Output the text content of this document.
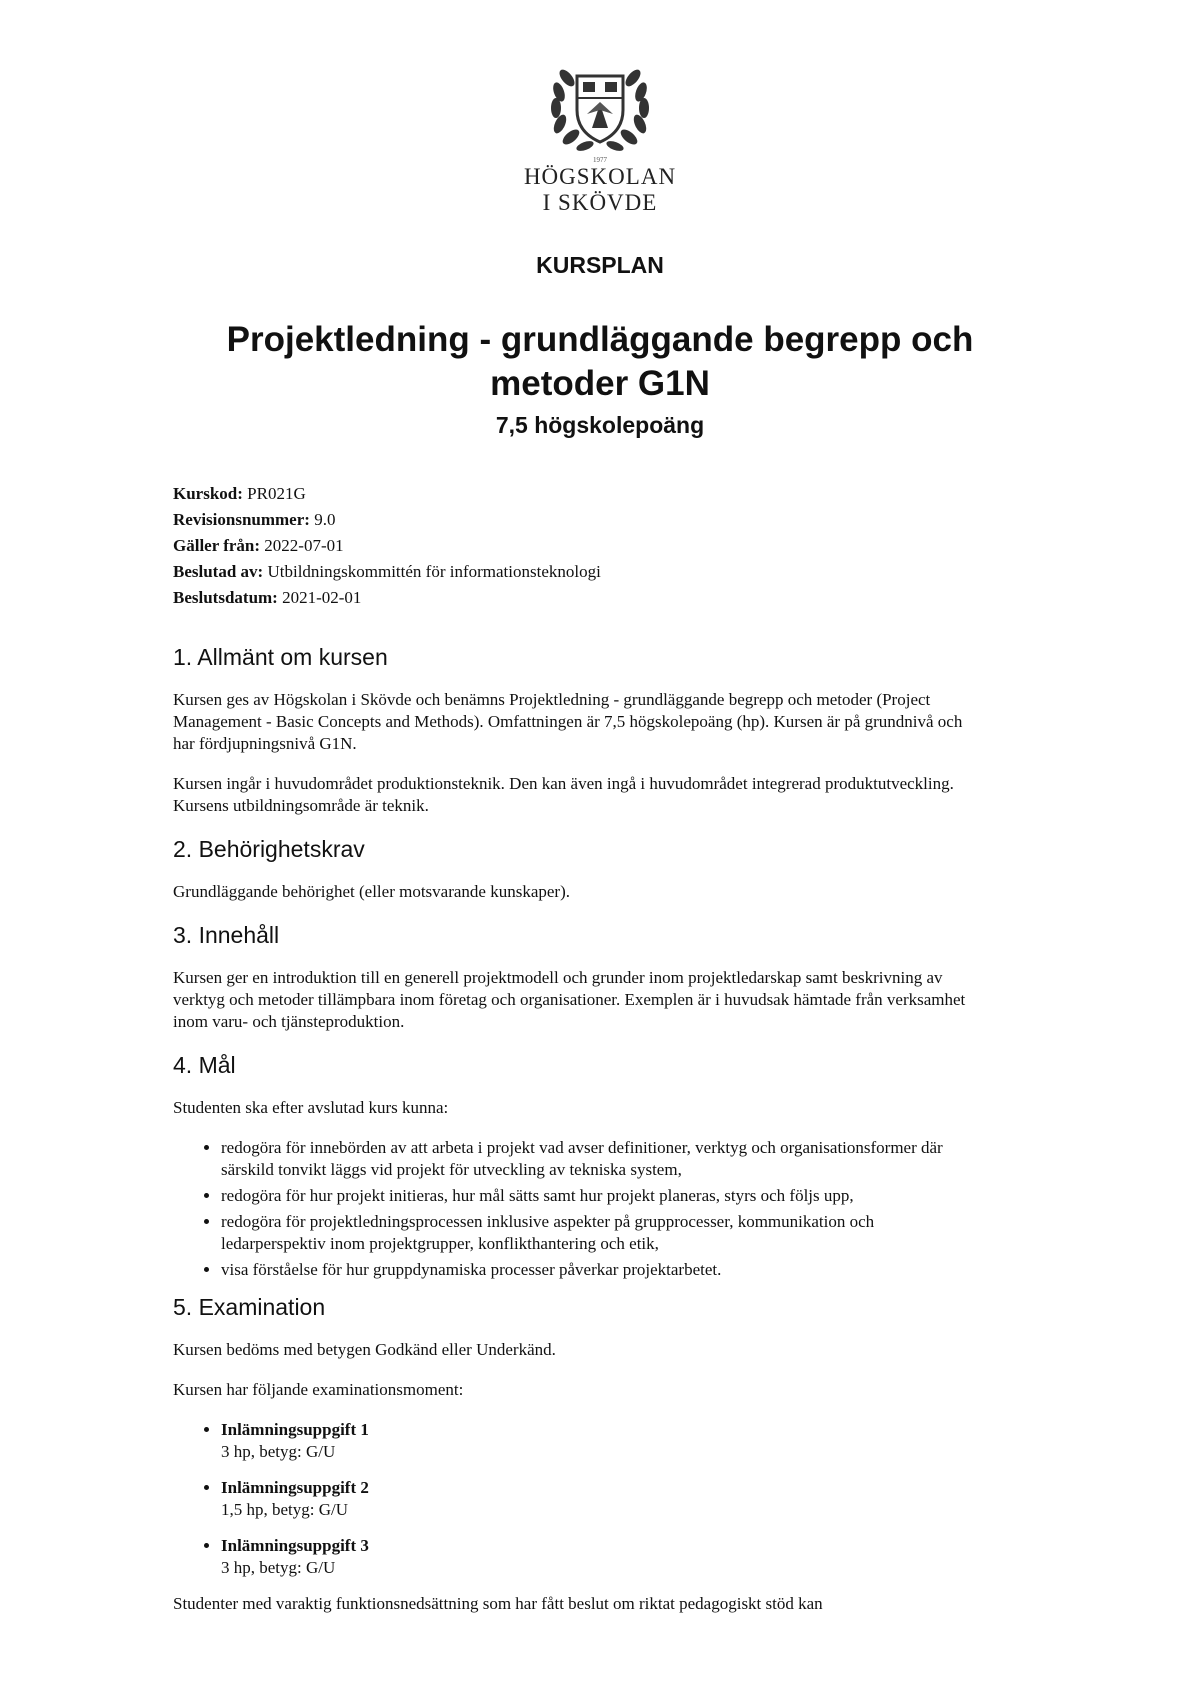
1977
HÖGSKOLAN
I SKÖVDE
KURSPLAN
Projektledning - grundläggande begrepp och metoder G1N
7,5 högskolepoäng
Kurskod: PR021G
Revisionsnummer: 9.0
Gäller från: 2022-07-01
Beslutad av: Utbildningskommittén för informationsteknologi
Beslutsdatum: 2021-02-01
1. Allmänt om kursen

Kursen ges av Högskolan i Skövde och benämns Projektledning - grundläggande begrepp och metoder (Project Management - Basic Concepts and Methods). Omfattningen är 7,5 högskolepoäng (hp). Kursen är på grundnivå och har fördjupningsnivå G1N.

Kursen ingår i huvudområdet produktionsteknik. Den kan även ingå i huvudområdet integrerad produktutveckling. Kursens utbildningsområde är teknik.

2. Behörighetskrav

Grundläggande behörighet (eller motsvarande kunskaper).

3. Innehåll

Kursen ger en introduktion till en generell projektmodell och grunder inom projektledarskap samt beskrivning av verktyg och metoder tillämpbara inom företag och organisationer. Exemplen är i huvudsak hämtade från verksamhet inom varu- och tjänsteproduktion.

4. Mål

Studenten ska efter avslutad kurs kunna:

• redogöra för innebörden av att arbeta i projekt vad avser definitioner, verktyg och organisationsformer där särskild tonvikt läggs vid projekt för utveckling av tekniska system,
• redogöra för hur projekt initieras, hur mål sätts samt hur projekt planeras, styrs och följs upp,
• redogöra för projektledningsprocessen inklusive aspekter på grupprocesser, kommunikation och ledarperspektiv inom projektgrupper, konflikthantering och etik,
• visa förståelse för hur gruppdynamiska processer påverkar projektarbetet.
5. Examination

Kursen bedöms med betygen Godkänd eller Underkänd.

Kursen har följande examinationsmoment:

• Inlämningsuppgift 1
3 hp, betyg: G/U
• Inlämningsuppgift 2
1,5 hp, betyg: G/U
• Inlämningsuppgift 3
3 hp, betyg: G/U

Studenter med varaktig funktionsnedsättning som har fått beslut om riktat pedagogiskt stöd kan
